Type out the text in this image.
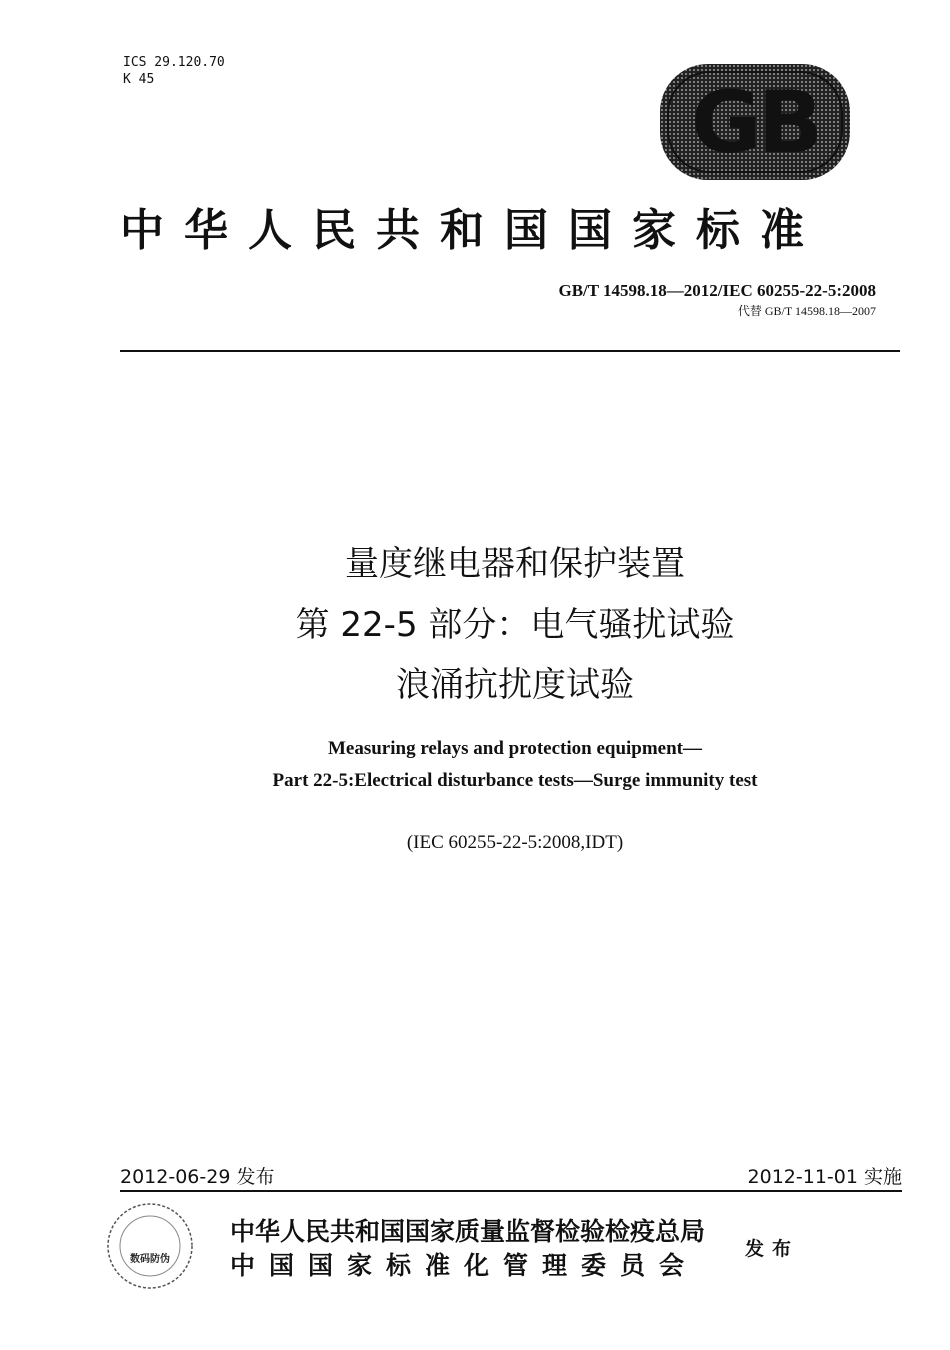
ICS 29.120.70
K 45	GB
中华人民共和国国家标准
GB/T 14598.18—2012/IEC 60255-22-5:2008
代替 GB/T 14598.18—2007
量度继电器和保护装置
第 22-5 部分：电气骚扰试验
浪涌抗扰度试验
Measuring relays and protection equipment—
Part 22-5:Electrical disturbance tests—Surge immunity test
(IEC 60255-22-5:2008,IDT)
2012-06-29 发布	2012-11-01 实施
数码防伪
中华人民共和国国家质量监督检验检疫总局
中国国家标准化管理委员会
发布
